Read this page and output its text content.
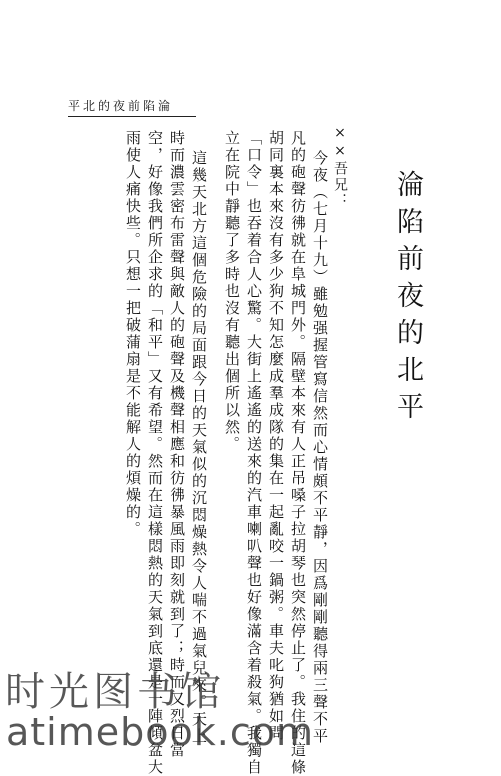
平北的夜前陷淪
淪陷前夜的北平
××吾兄：
今夜（七月十九）雖勉强握管寫信然而心情頗不平靜，因爲剛剛聽得兩三聲不平
凡的砲聲彷彿就在阜城門外。隔壁本來有人正吊嗓子拉胡琴也突然停止了。我住的這條
胡同裏本來沒有多少狗不知怎麼成羣成隊的集在一起亂咬一鍋粥。車夫叱狗猶如問
「口令」也吞着合人心驚。大街上遙遙的送來的汽車喇叭聲也好像滿含着殺氣。我獨自
立在院中靜聽了多時也沒有聽出個所以然。
這幾天北方這個危險的局面跟今日的天氣似的沉悶燥熱令人喘不過氣兒來。天上
時而濃雲密布雷聲與敵人的砲聲及機聲相應和彷彿暴風雨即刻就到了；時而又烈日當
空，好像我們所企求的「和平」又有希望。然而在這樣悶熱的天氣到底還是一陣傾盆大
雨使人痛快些。只想一把破蒲扇是不能解人的煩燥的。
时光图书馆
atimebook.com
